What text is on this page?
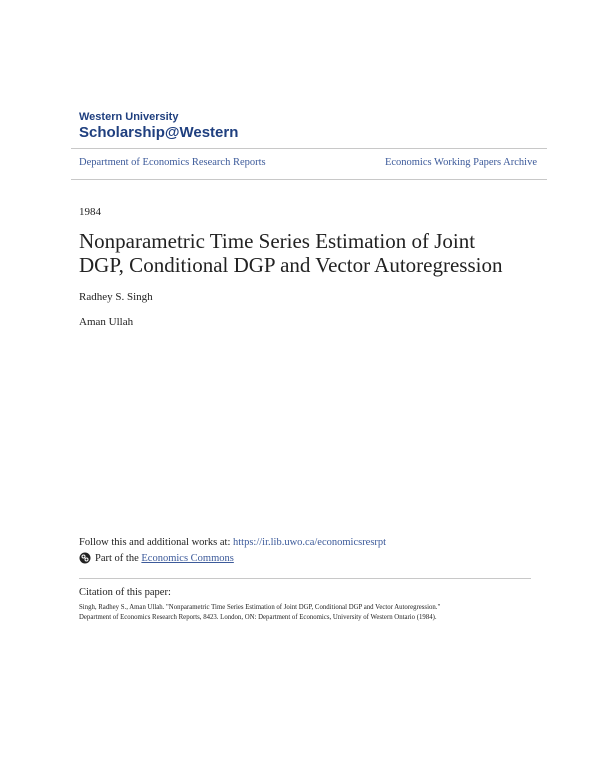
Western University
Scholarship@Western
Department of Economics Research Reports	Economics Working Papers Archive
1984
Nonparametric Time Series Estimation of Joint
DGP, Conditional DGP and Vector Autoregression
Radhey S. Singh
Aman Ullah
Follow this and additional works at: https://ir.lib.uwo.ca/economicsresrpt
Part of the
Economics Commons
Citation of this paper:
Singh, Radhey S., Aman Ullah. "Nonparametric Time Series Estimation of Joint DGP, Conditional DGP and Vector Autoregression."
Department of Economics Research Reports, 8423. London, ON: Department of Economics, University of Western Ontario (1984).
